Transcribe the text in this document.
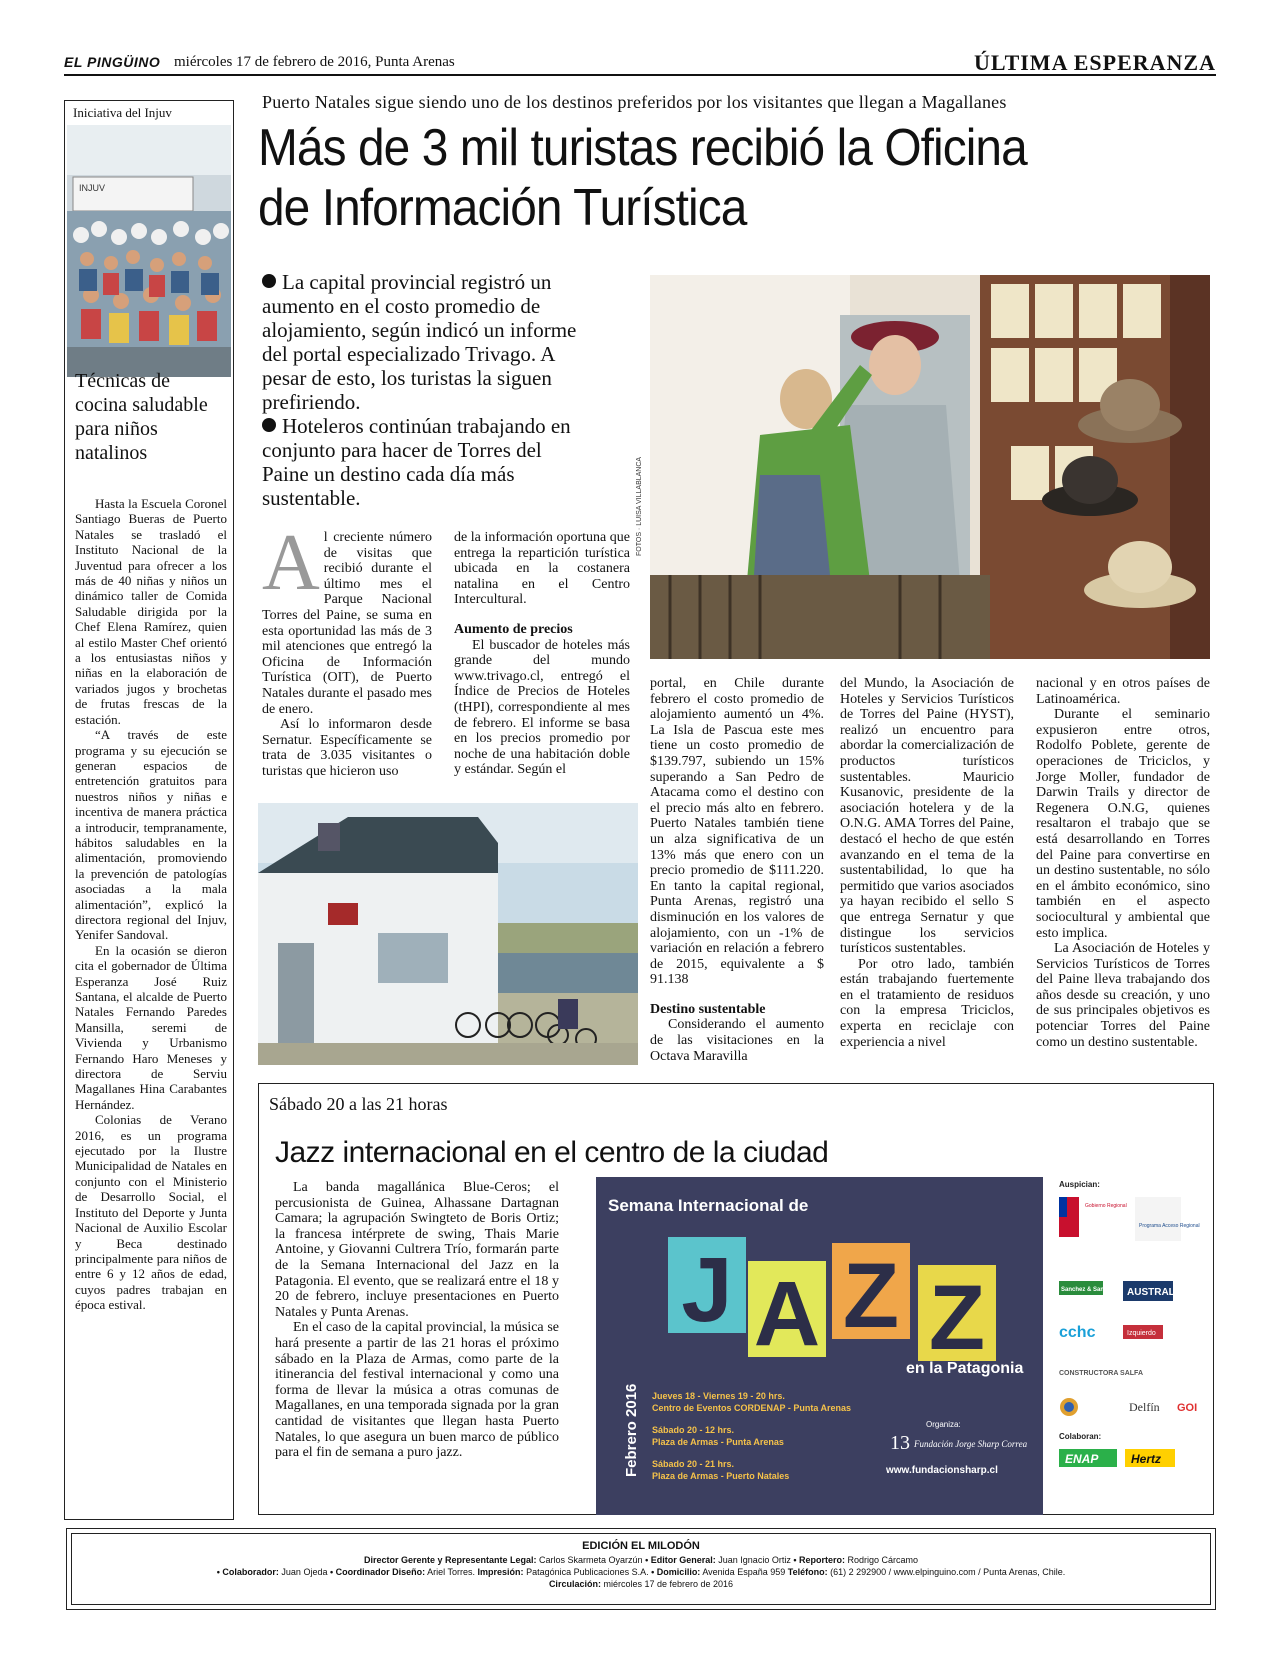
EL PINGÜINO miércoles 17 de febrero de 2016, Punta Arenas	ÚLTIMA ESPERANZA
Iniciativa del Injuv
INJUV
Técnicas de cocina saludable para niños natalinos

Hasta la Escuela Coronel Santiago Bueras de Puerto Natales se trasladó el Instituto Nacional de la Juventud para ofrecer a los más de 40 niñas y niños un dinámico taller de Comida Saludable dirigida por la Chef Elena Ramírez, quien al estilo Master Chef orientó a los entusiastas niños y niñas en la elaboración de variados jugos y brochetas de frutas frescas de la estación.

“A través de este programa y su ejecución se generan espacios de entretención gratuitos para nuestros niños y niñas e incentiva de manera práctica a introducir, tempranamente, hábitos saludables en la alimentación, promoviendo la prevención de patologías asociadas a la mala alimentación”, explicó la directora regional del Injuv, Yenifer Sandoval.

En la ocasión se dieron cita el gobernador de Última Esperanza José Ruiz Santana, el alcalde de Puerto Natales Fernando Paredes Mansilla, seremi de Vivienda y Urbanismo Fernando Haro Meneses y directora de Serviu Magallanes Hina Carabantes Hernández.

Colonias de Verano 2016, es un programa ejecutado por la Ilustre Municipalidad de Natales en conjunto con el Ministerio de Desarrollo Social, el Instituto del Deporte y Junta Nacional de Auxilio Escolar y Beca destinado principalmente para niños de entre 6 y 12 años de edad, cuyos padres trabajan en época estival.

Puerto Natales sigue siendo uno de los destinos preferidos por los visitantes que llegan a Magallanes
Más de 3 mil turistas recibió la Oficina de Información Turística

La capital provincial registró un aumento en el costo promedio de alojamiento, según indicó un informe del portal especializado Trivago. A pesar de esto, los turistas la siguen prefiriendo.

Hoteleros continúan trabajando en conjunto para hacer de Torres del Paine un destino cada día más sustentable.	FOTOS · LUISA VILLABLANCA

Al creciente número de visitas que recibió durante el último mes el Parque Nacional Torres del Paine, se suma en esta oportunidad las más de 3 mil atenciones que entregó la Oficina de Información Turística (OIT), de Puerto Natales durante el pasado mes de enero.

Así lo informaron desde Sernatur. Específicamente se trata de 3.035 visitantes o turistas que hicieron uso

de la información oportuna que entrega la repartición turística ubicada en la costanera natalina en el Centro Intercultural.

Aumento de precios

El buscador de hoteles más grande del mundo www.trivago.cl, entregó el Índice de Precios de Hoteles (tHPI), correspondiente al mes de febrero. El informe se basa en los precios promedio por noche de una habitación doble y estándar. Según el

portal, en Chile durante febrero el costo promedio de alojamiento aumentó un 4%. La Isla de Pascua este mes tiene un costo promedio de $139.797, subiendo un 15% superando a San Pedro de Atacama como el destino con el precio más alto en febrero. Puerto Natales también tiene un alza significativa de un 13% más que enero con un precio promedio de $111.220. En tanto la capital regional, Punta Arenas, registró una disminución en los valores de alojamiento, con un -1% de variación en relación a febrero de 2015, equivalente a $ 91.138

Destino sustentable

Considerando el aumento de las visitaciones en la Octava Maravilla

del Mundo, la Asociación de Hoteles y Servicios Turísticos de Torres del Paine (HYST), realizó un encuentro para abordar la comercialización de productos turísticos sustentables. Mauricio Kusanovic, presidente de la asociación hotelera y de la O.N.G. AMA Torres del Paine, destacó el hecho de que estén avanzando en el tema de la sustentabilidad, lo que ha permitido que varios asociados ya hayan recibido el sello S que entrega Sernatur y que distingue los servicios turísticos sustentables.

Por otro lado, también están trabajando fuertemente en el tratamiento de residuos con la empresa Triciclos, experta en reciclaje con experiencia a nivel

nacional y en otros países de Latinoamérica.

Durante el seminario expusieron entre otros, Rodolfo Poblete, gerente de operaciones de Triciclos, y Jorge Moller, fundador de Darwin Trails y director de Regenera O.N.G, quienes resaltaron el trabajo que se está desarrollando en Torres del Paine para convertirse en un destino sustentable, no sólo en el ámbito económico, sino también en el aspecto sociocultural y ambiental que esto implica.

La Asociación de Hoteles y Servicios Turísticos de Torres del Paine lleva trabajando dos años desde su creación, y uno de sus principales objetivos es potenciar Torres del Paine como un destino sustentable.

Sábado 20 a las 21 horas
Jazz internacional en el centro de la ciudad

La banda magallánica Blue-Ceros; el percusionista de Guinea, Alhassane Dartagnan Camara; la agrupación Swingteto de Boris Ortiz; la francesa intérprete de swing, Thais Marie Antoine, y Giovanni Cultrera Trío, formarán parte de la Semana Internacional del Jazz en la Patagonia. El evento, que se realizará entre el 18 y 20 de febrero, incluye presentaciones en Puerto Natales y Punta Arenas.

En el caso de la capital provincial, la música se hará presente a partir de las 21 horas el próximo sábado en la Plaza de Armas, como parte de la itinerancia del festival internacional y como una forma de llevar la música a otras comunas de Magallanes, en una temporada signada por la gran cantidad de visitantes que llegan hasta Puerto Natales, lo que asegura un buen marco de público para el fin de semana a puro jazz.

Semana Internacional de
J A Z Z
en la Patagonia
Febrero 2016 Jueves 18 - Viernes 19 - 20 hrs.
Centro de Eventos CORDENAP - Punta Arenas
Sábado 20 - 12 hrs.
Plaza de Armas - Punta Arenas
Sábado 20 - 21 hrs.
Plaza de Armas - Puerto Natales
Organiza:
13 Fundación Jorge Sharp Correa
www.fundacionsharp.cl
Auspician:
Gobierno Regional
Programa Acceso Regional
Sanchez & Sanchez AUSTRAL
cchc	Izquierdo
CONSTRUCTORA SALFA
Delfín GOI
Colaboran:
ENAP	Hertz
EDICIÓN EL MILODÓN
Director Gerente y Representante Legal: Carlos Skarmeta Oyarzún • Editor General: Juan Ignacio Ortiz • Reportero: Rodrigo Cárcamo
• Colaborador: Juan Ojeda • Coordinador Diseño: Ariel Torres. Impresión: Patagónica Publicaciones S.A. • Domicilio: Avenida España 959 Teléfono: (61) 2 292900 / www.elpinguino.com / Punta Arenas, Chile.
Circulación: miércoles 17 de febrero de 2016
